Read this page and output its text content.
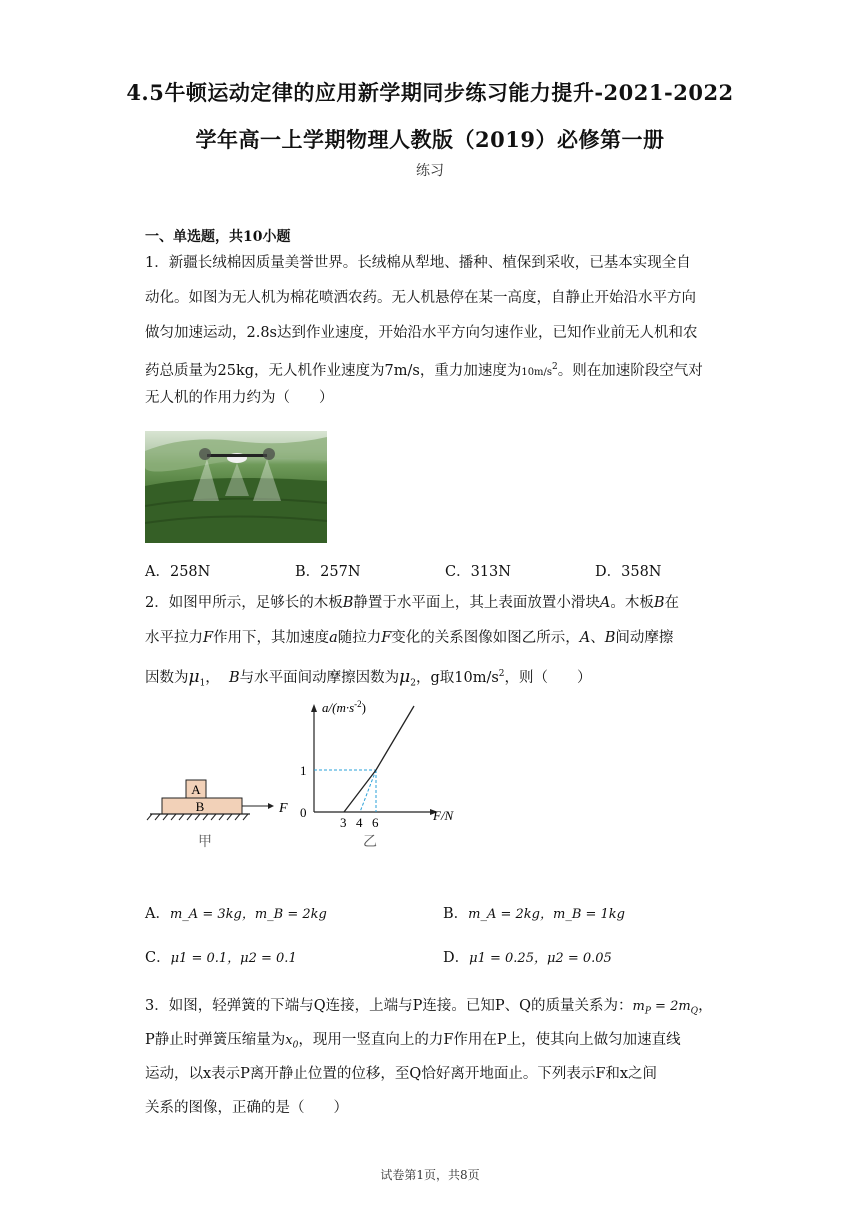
4.5牛顿运动定律的应用新学期同步练习能力提升-2021-2022
学年高一上学期物理人教版（2019）必修第一册
练习
一、单选题，共10小题
1．新疆长绒棉因质量美誉世界。长绒棉从犁地、播种、植保到采收，已基本实现全自
动化。如图为无人机为棉花喷洒农药。无人机悬停在某一高度，自静止开始沿水平方向
做匀加速运动，2.8s达到作业速度，开始沿水平方向匀速作业，已知作业前无人机和农
药总质量为25kg，无人机作业速度为7m/s，重力加速度为$10m/s^2$。则在加速阶段空气对
无人机的作用力约为（　　）
A．258N	B．257N	C．313N	D．358N
2．如图甲所示，足够长的木板B静置于水平面上，其上表面放置小滑块A。木板B在
水平拉力F作用下，其加速度a随拉力F变化的关系图像如图乙所示，A、B间动摩擦
因数为$\mu_1$， B与水平面间动摩擦因数为$\mu_2$，g取$10m/s^2$，则（　　）
A
B	F
甲
$a/(m\cdot s^{-2})$
1
0
3 4 6	F/N
乙
A．m_A = 3kg，m_B = 2kg	B．m_A = 2kg，m_B = 1kg
C．μ1 = 0.1，μ2 = 0.1	D．μ1 = 0.25，μ2 = 0.05
3．如图，轻弹簧的下端与Q连接，上端与P连接。已知P、Q的质量关系为：$m_P = 2m_Q$，
P静止时弹簧压缩量为$x_0$，现用一竖直向上的力F作用在P上，使其向上做匀加速直线
运动，以x表示P离开静止位置的位移，至Q恰好离开地面止。下列表示F和x之间
关系的图像，正确的是（　　）
试卷第1页，共8页
